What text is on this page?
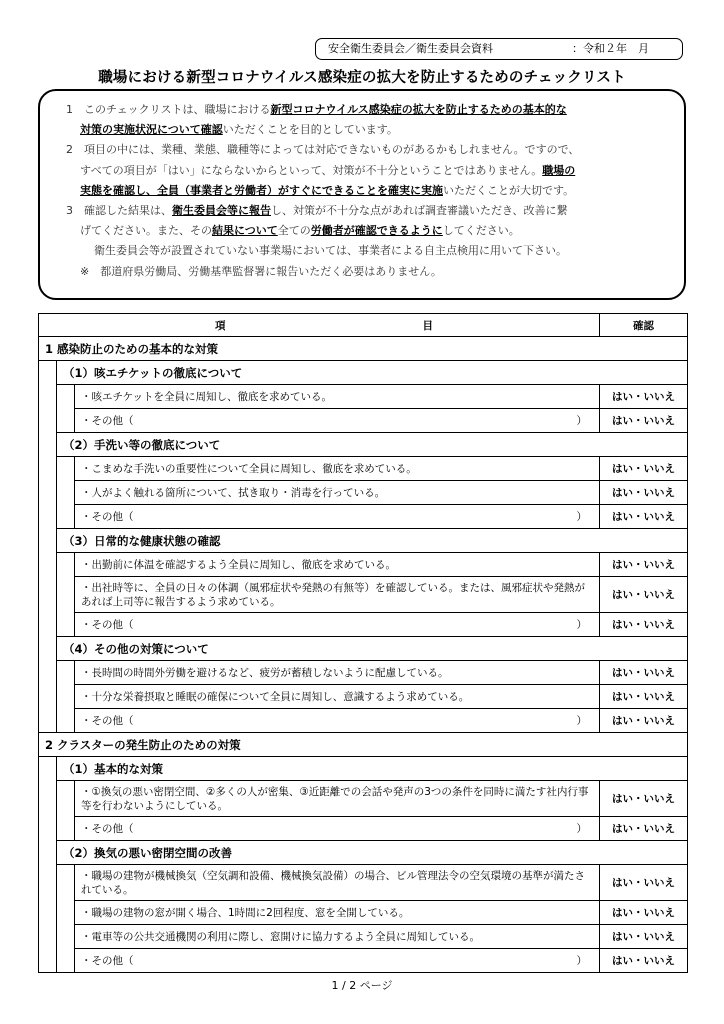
安全衛生委員会／衛生委員会資料	：令和２年　月
職場における新型コロナウイルス感染症の拡大を防止するためのチェックリスト

1　このチェックリストは、職場における新型コロナウイルス感染症の拡大を防止するための基本的な

対策の実施状況について確認いただくことを目的としています。

2　項目の中には、業種、業態、職種等によっては対応できないものがあるかもしれません。ですので、

すべての項目が「はい」にならないからといって、対策が不十分ということではありません。職場の

実態を確認し、全員（事業者と労働者）がすぐにできることを確実に実施いただくことが大切です。

3　確認した結果は、衛生委員会等に報告し、対策が不十分な点があれば調査審議いただき、改善に繋

げてください。また、その結果について全ての労働者が確認できるようにしてください。

衛生委員会等が設置されていない事業場においては、事業者による自主点検用に用いて下さい。

※　都道府県労働局、労働基準監督署に報告いただく必要はありません。

項 目			確認
1 感染防止のための基本的な対策			
	（1）咳エチケットの徹底について		
		・咳エチケットを全員に周知し、徹底を求めている。	はい・いいえ

		・その他（ ）	はい・いいえ
	（2）手洗い等の徹底について		
		・こまめな手洗いの重要性について全員に周知し、徹底を求めている。	はい・いいえ
		・人がよく触れる箇所について、拭き取り・消毒を行っている。	はい・いいえ

		・その他（ ）	はい・いいえ
	（3）日常的な健康状態の確認		
		・出勤前に体温を確認するよう全員に周知し、徹底を求めている。	はい・いいえ
		・出社時等に、全員の日々の体調（風邪症状や発熱の有無等）を確認している。または、風邪症状や発熱があれば上司等に報告するよう求めている。	はい・いいえ

		・その他（ ）	はい・いいえ
	（4）その他の対策について		
		・長時間の時間外労働を避けるなど、疲労が蓄積しないように配慮している。	はい・いいえ
		・十分な栄養摂取と睡眠の確保について全員に周知し、意識するよう求めている。	はい・いいえ

		・その他（ ）	はい・いいえ
2 クラスターの発生防止のための対策			
	（1）基本的な対策		
		・①換気の悪い密閉空間、②多くの人が密集、③近距離での会話や発声の3つの条件を同時に満たす社内行事等を行わないようにしている。	はい・いいえ

		・その他（ ）	はい・いいえ
	（2）換気の悪い密閉空間の改善		
		・職場の建物が機械換気（空気調和設備、機械換気設備）の場合、ビル管理法令の空気環境の基準が満たされている。	はい・いいえ
		・職場の建物の窓が開く場合、1時間に2回程度、窓を全開している。	はい・いいえ
		・電車等の公共交通機関の利用に際し、窓開けに協力するよう全員に周知している。	はい・いいえ

		・その他（ ）	はい・いいえ
1 / 2 ページ
